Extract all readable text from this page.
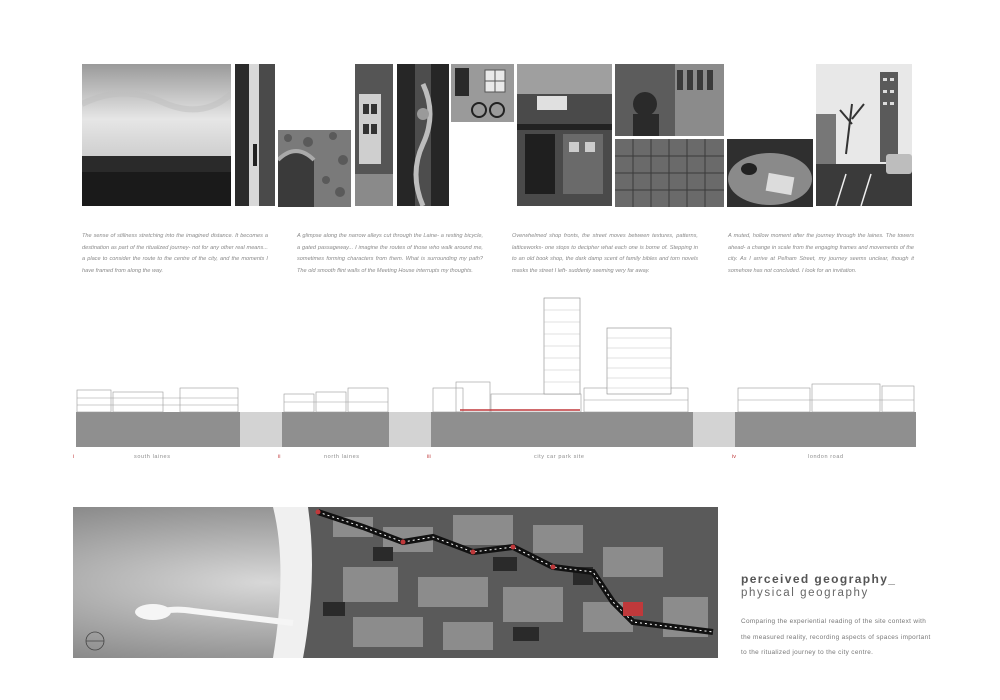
The sense of stillness stretching into the imagined distance. It becomes a destination as part of the ritualized journey- not for any other real means... a place to consider the route to the centre of the city, and the moments I have framed from along the way.
A glimpse along the narrow alleys cut through the Laine- a resting bicycle, a gated passageway... I imagine the routes of those who walk around me, sometimes forming characters from them. What is surrounding my path? The old smooth flint walls of the Meeting House interrupts my thoughts.
Overwhelmed shop fronts, the street moves between textures, patterns, latticeworks- one stops to decipher what each one is borne of. Stepping in to an old book shop, the dark damp scent of family bibles and torn novels masks the street I left- suddenly seeming very far away.
A muted, hollow moment after the journey through the laines. The towers ahead- a change in scale from the engaging frames and movements of the city. As I arrive at Pelham Street, my journey seems unclear, though it somehow has not concluded. I look for an invitation.
i	south laines	ii	north laines	iii	city car park site	iv	london road
perceived geography_
physical geography
Comparing the experiential reading of the site context with the measured reality, recording aspects of spaces important to the ritualized journey to the city centre.
